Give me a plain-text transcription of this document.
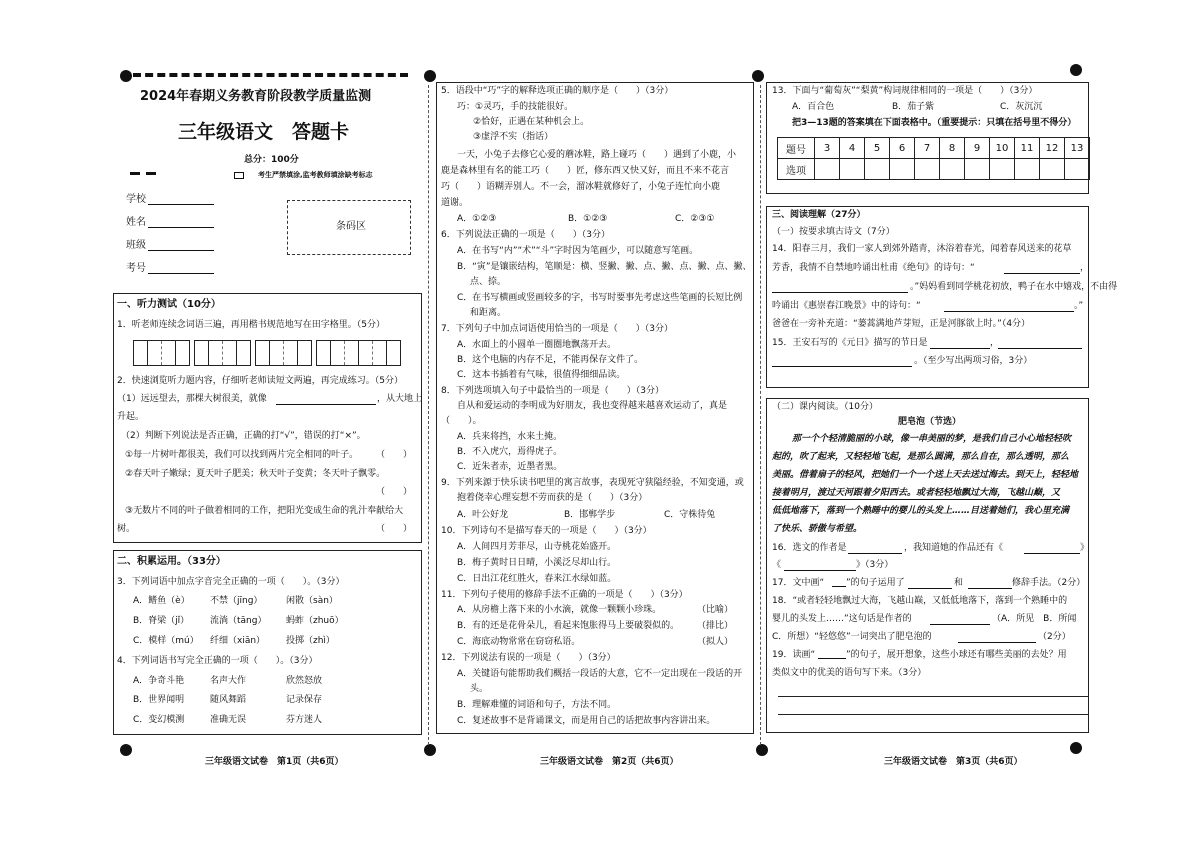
2024年春期义务教育阶段教学质量监测
三年级语文　答题卡
总分：100分
考生严禁填涂,监考教师填涂缺考标志
学校
姓名
班级
考号
条码区
一、听力测试（10分）
1．听老师连续念词语三遍，再用楷书规范地写在田字格里。（5分）
2．快速浏览听力题内容，仔细听老师读短文两遍，再完成练习。（5分）
（1）远远望去，那棵大树很美，就像	，从大地上
升起。
（2）判断下列说法是否正确，正确的打“√”，错误的打“×”。
①每一片树叶都很美，我们可以找到两片完全相同的叶子。 （　　）
②春天叶子嫩绿；夏天叶子肥美；秋天叶子变黄；冬天叶子飘零。
（　　）
③无数片不同的叶子做着相同的工作，把阳光变成生命的乳汁奉献给大
树。	（　　）
二、积累运用。（33分）
3．下列词语中加点字音完全正确的一项（　　）。（3分）
A．鳍鱼（è） 不禁（jīng）	闲散（sàn）
B．脊梁（jǐ） 流淌（tāng） 蚂蚱（zhuō）
C．模样（mú） 纤细（xiān） 投掷（zhì）
4．下列词语书写完全正确的一项（　　）。（3分）
A．争奇斗艳	名声大作	欣然怒放
B．世界闻明	随风舞蹈	记录保存
C．变幻模测	准确无误	芬方迷人
5．语段中“巧”字的解释选项正确的顺序是（　　）（3分）
巧：①灵巧，手的技能很好。
②恰好，正遇在某种机会上。
③虚浮不实（指话）
一天，小兔子去修它心爱的蘑冰鞋，路上碰巧（　　）遇到了小鹿，小
鹿是森林里有名的能工巧（　　）匠，修东西又快又好，而且不来不花言
巧（　　）语糊弄别人。不一会，溜冰鞋就修好了，小兔子连忙向小鹿
道谢。
A．①②③	B．①②③	C．②③①
6．下列说法正确的一项是（　　）（3分）
A．在书写“内”“术”“斗”字时因为笔画少，可以随意写笔画。
B．“寅”是镶嵌结构，笔顺是：横、竖撇、撇、点、撇、点、撇、点、撇、
点、捺。
C．在书写横画或竖画较多的字，书写时要事先考虑这些笔画的长短比例
和距离。
7．下列句子中加点词语使用恰当的一项是（　　）（3分）
A．水面上的小圆单一圈圈地飘荡开去。
B．这个电脑的内存不足，不能再保存文件了。
C．这本书插着有气味，很值得细细品读。
8．下列选项填入句子中最恰当的一项是（　　）（3分）
自从和爱运动的李明成为好朋友，我也变得越来越喜欢运动了，真是
（　　）。
A．兵来将挡，水来土掩。
B．不入虎穴，焉得虎子。
C．近朱者赤，近墨者黑。
9．下列来源于快乐读书吧里的寓言故事，表现死守狭隘经验，不知变通，或
抱着侥幸心理妄想不劳而获的是（　　）（3分）
A．叶公好龙	B．邯郸学步	C．守株待兔
10．下列诗句不是描写春天的一项是（　　）（3分）
A．人间四月芳菲尽，山寺桃花始盛开。
B．梅子黄时日日晴，小溪泛尽却山行。
C．日出江花红胜火，春来江水绿如蓝。
11．下列句子使用的修辞手法不正确的一项是（　　）（3分）
A．从房檐上落下来的小水滴，就像一颗颗小珍珠。	（比喻）
B．有的还是花骨朵儿，看起来饱胀得马上要破裂似的。 （排比）
C．海底动物常常在窃窃私语。	（拟人）
12．下列说法有误的一项是（　　）（3分）
A．关键语句能帮助我们概括一段话的大意，它不一定出现在一段话的开
头。
B．理解难懂的词语和句子，方法不同。
C．复述故事不是背诵课文，而是用自己的话把故事内容讲出来。
13．下面与“葡萄灰”“梨黄”构词规律相同的一项是（　　）（3分）
A．百合色	B．茄子紫	C．灰沉沉
把3—13题的答案填在下面表格中。（重要提示：只填在括号里不得分）
题号	3	4	5	6	7	8	9	10	11	12	13
选项											
三、阅读理解（27分）
（一）按要求填古诗文（7分）
14．阳春三月，我们一家人到郊外踏青，沐浴着春光，闻着春风送来的花草
芳香，我情不自禁地吟诵出杜甫《绝句》的诗句：“	，
。”妈妈看到同学桃花初放，鸭子在水中嬉戏，不由得
吟诵出《惠崇春江晚景》中的诗句：“	。”
爸爸在一旁补充道：“蒌蒿满地芦芽短，正是河豚欲上时。”（4分）
15．王安石写的《元日》描写的节日是	，
。（至少写出两项习俗，3分）
（二）课内阅读。（10分）
肥皂泡（节选）
那一个个轻清脆丽的小球，像一串美丽的梦，是我们自己小心地轻轻吹
起的，吹了起来，又轻轻地飞起，是那么圆满，那么自在，那么透明，那么
美丽。借着扇子的轻风，把她们一个一个送上天去送过海去。到天上，轻轻地
接着明月，渡过天河跟着夕阳西去。或者轻轻地飘过大海，飞越山巅，又
低低地落下，落到一个熟睡中的婴儿的头发上……目送着她们，我心里充满
了快乐、骄傲与希望。
16．选文的作者是	，我知道她的作品还有《	》
《	》（3分）
17．文中画“ ”的句子运用了	和	修辞手法。（2分）
18．“或者轻轻地飘过大海，飞越山巅，又低低地落下，落到一个熟睡中的
婴儿的头发上……”这句话是作者的	（A．所见　B．所闻
C．所想）“轻悠悠”一词突出了肥皂泡的	（2分）
19．读画“	”的句子，展开想象，这些小球还有哪些美丽的去处？用
类似文中的优美的语句写下来。（3分）
三年级语文试卷　第1页（共6页）	三年级语文试卷　第2页（共6页）	三年级语文试卷　第3页（共6页）
